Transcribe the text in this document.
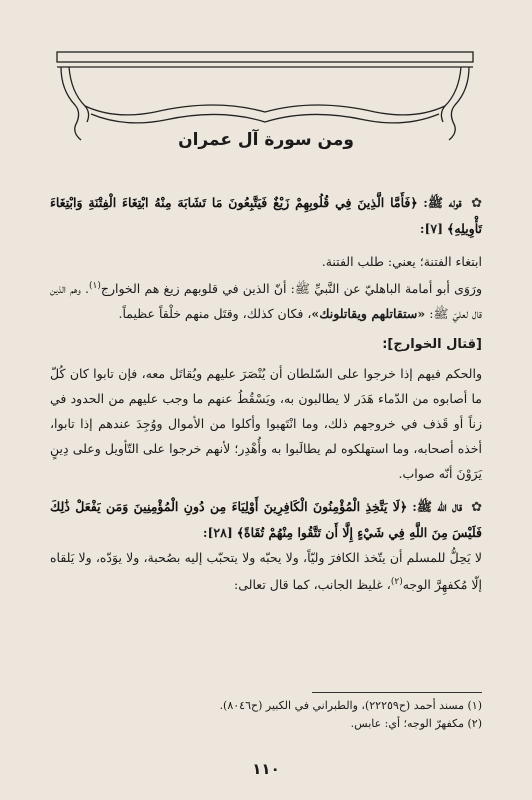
ومن سورة آل عمران

✿ قوله ﷺ: ﴿فَأَمَّا الَّذِينَ فِي قُلُوبِهِمْ زَيْغٌ فَيَتَّبِعُونَ مَا تَشَابَهَ مِنْهُ ابْتِغَاءَ الْفِتْنَةِ وَابْتِغَاءَ تَأْوِيلِهِ﴾ [٧]:

ابتغاء الفتنة؛ يعني: طلب الفتنة.

ورَوَى أبو أمامة الباهليّ عن النَّبيِّ ﷺ: أنّ الذين في قلوبهم زيغ هم الخوارج$^{(١)}$. وهم الذين قال لعليّ ﷺ: «ستقاتلهم ويقاتلونك»، فكان كذلك، وقتَل منهم خلْقاً عظيماً.

[قتال الخوارج]:

والحكم فيهم إذا خرجوا على السّلطان أن يُنْصَرَ عليهم ويُقاتَل معه، فإن تابوا كان كُلّ ما أصابوه من الدّماء هَدَر لا يطالبون به، ويَسْقُطُ عنهم ما وجب عليهم من الحدود في زناً أو قَذف في خروجهم ذلك، وما انْتَهبوا وأكلوا من الأموال ووُجِدَ عندهم إذا تابوا، أخذه أصحابه، وما استهلكوه لم يطالَبوا به وأُهْدِر؛ لأنهم خرجوا على التّأويل وعلى دِينٍ يَرَوْنَ أنّه صواب.

✿ قال الله ﷺ: ﴿لَا يَتَّخِذِ الْمُؤْمِنُونَ الْكَافِرِينَ أَوْلِيَاءَ مِن دُونِ الْمُؤْمِنِينَ وَمَن يَفْعَلْ ذَٰلِكَ فَلَيْسَ مِنَ اللَّهِ فِي شَيْءٍ إِلَّا أَن تَتَّقُوا مِنْهُمْ تُقَاةً﴾ [٢٨]:

لا يَحِلُّ للمسلم أن يتّخذ الكافرَ وليّاً، ولا يحبّه ولا يتحبّب إليه بصُحبة، ولا يوَدّه، ولا يَلقاه إلّا مُكفهِرَّ الوجه$^{(٢)}$، غليظ الجانب، كما قال تعالى:

(١) مسند أحمد (ح٢٢٢٥٩)، والطبراني في الكبير (ح٨٠٤٦).

(٢) مكفهرّ الوجه؛ أي: عابس.

١١٠
